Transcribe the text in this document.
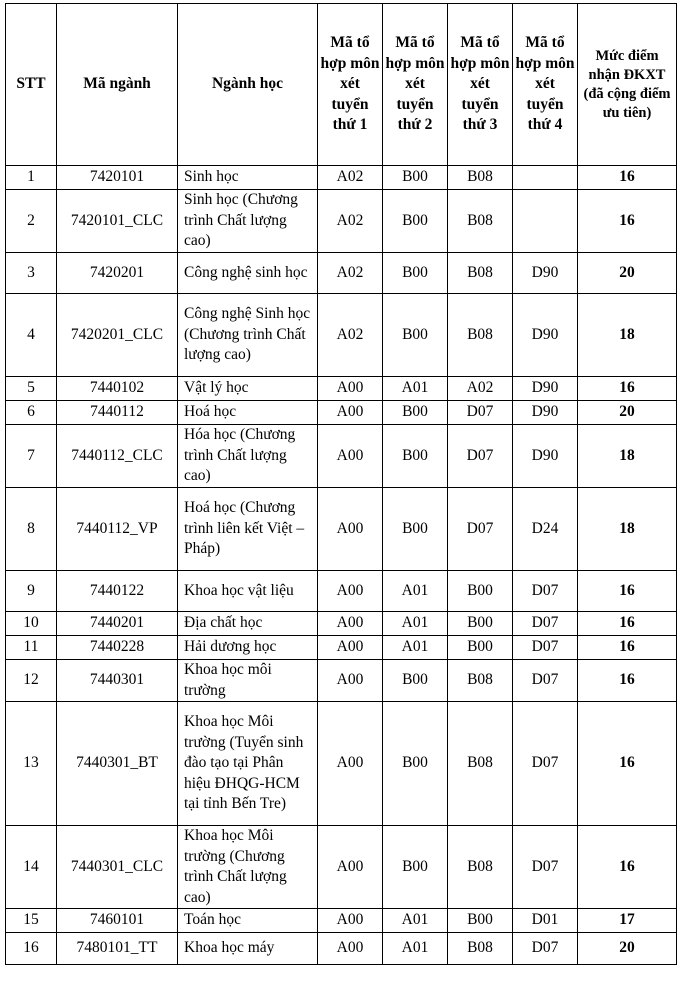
STT	Mã ngành	Ngành học	Mã tổ hợp môn xét tuyển thứ 1	Mã tổ hợp môn xét tuyển thứ 2	Mã tổ hợp môn xét tuyển thứ 3	Mã tổ hợp môn xét tuyển thứ 4	Mức điểm nhận ĐKXT (đã cộng điểm ưu tiên)
1	7420101	Sinh học	A02	B00	B08		16
2	7420101_CLC	Sinh học (Chương trình Chất lượng cao)	A02	B00	B08		16
3	7420201	Công nghệ sinh học	A02	B00	B08	D90	20
4	7420201_CLC	Công nghệ Sinh học (Chương trình Chất lượng cao)	A02	B00	B08	D90	18
5	7440102	Vật lý học	A00	A01	A02	D90	16
6	7440112	Hoá học	A00	B00	D07	D90	20
7	7440112_CLC	Hóa học (Chương trình Chất lượng cao)	A00	B00	D07	D90	18
8	7440112_VP	Hoá học (Chương trình liên kết Việt – Pháp)	A00	B00	D07	D24	18
9	7440122	Khoa học vật liệu	A00	A01	B00	D07	16
10	7440201	Địa chất học	A00	A01	B00	D07	16
11	7440228	Hải dương học	A00	A01	B00	D07	16
12	7440301	Khoa học môi trường	A00	B00	B08	D07	16
13	7440301_BT	Khoa học Môi trường (Tuyển sinh đào tạo tại Phân hiệu ĐHQG-HCM tại tỉnh Bến Tre)	A00	B00	B08	D07	16
14	7440301_CLC	Khoa học Môi trường (Chương trình Chất lượng cao)	A00	B00	B08	D07	16
15	7460101	Toán học	A00	A01	B00	D01	17
16	7480101_TT	Khoa học máy	A00	A01	B08	D07	20
